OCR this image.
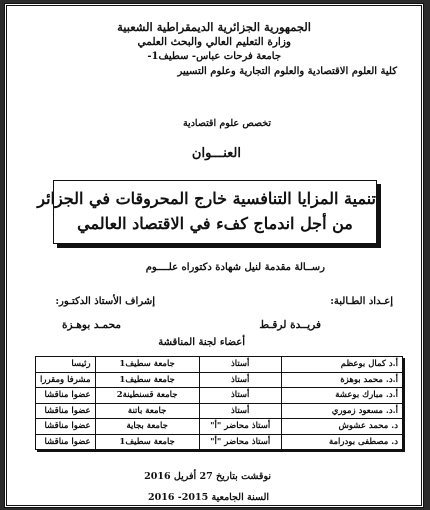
الجمهورية الجزائرية الديمقراطية الشعبية
وزارة التعليم العالي والبحث العلمي
جامعة فرحات عباس- سطيف1-
كلية العلوم الاقتصادية والعلوم التجارية وعلوم التسيير
تخصص علوم اقتصادية
العنـــوان
تنمية المزايا التنافسية خارج المحروقات في الجزائر
من أجل اندماج كفء في الاقتصاد العالمي
رســالة مقدمة لنيل شهادة دكتوراه علــــوم
إعـداد الطـالبة:
إشراف الأستاذ الدكتـور:
فريــدة لرقـط
محمـد بوهـزة
أعضاء لجنة المناقشة
أ.د كمال بوعظم	أستاذ	جامعة سطيف1	رئيسا
أ.د. محمد بوهزة	أستاذ	جامعة سطيف1	مشرفا ومقررا
أ.د. مبارك بوعشة	أستاذ	جامعة قسنطينة2	عضوا مناقشا
أ.د. مسعود زموري	أستاذ	جامعة باتنة	عضوا مناقشا
د. محمد عشوش	أستاذ محاضر "أ"	جامعة بجاية	عضوا مناقشا
د. مصطفى بودرامة	أستاذ محاضر "أ"	جامعة سطيف1	عضوا مناقشا
نوقشت بتاريخ 27 أفريل 2016
السنة الجامعية 2015- 2016
